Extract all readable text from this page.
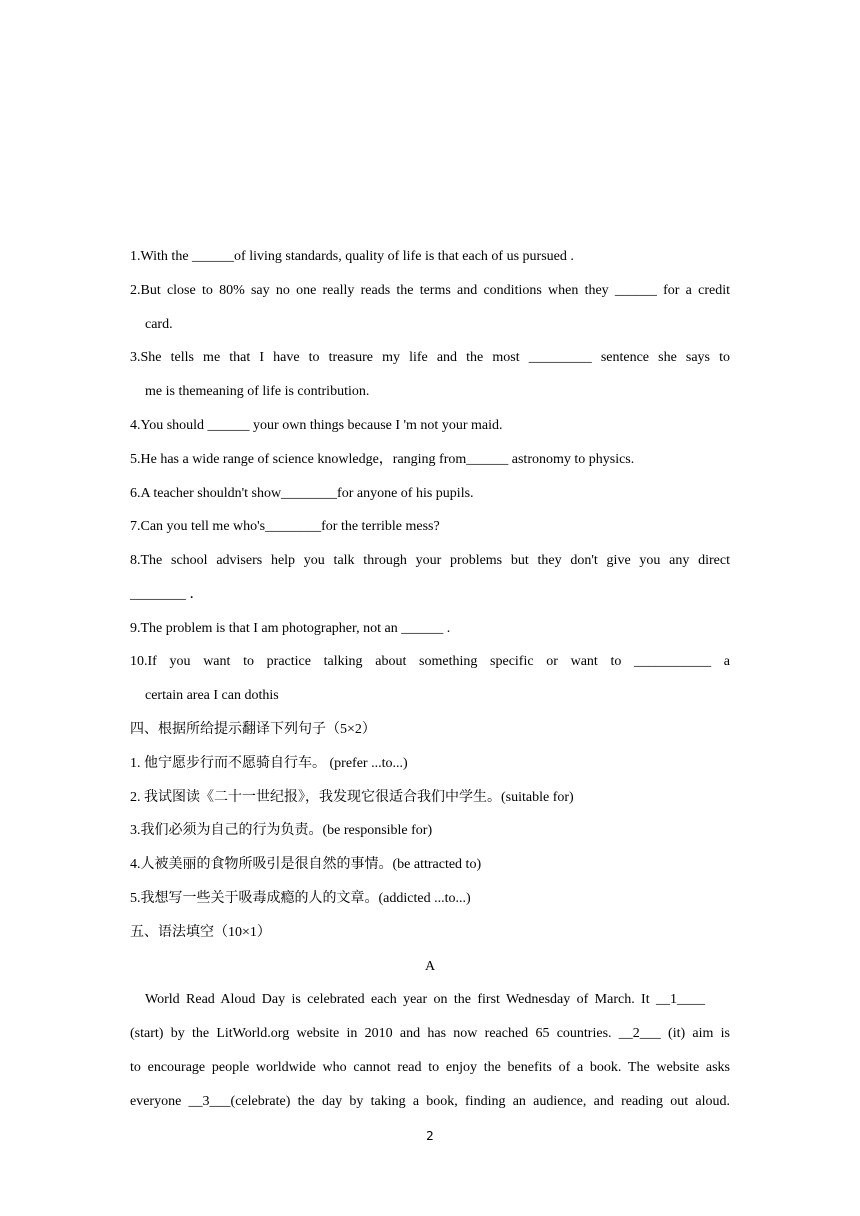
1.With the ______of living standards, quality of life is that each of us pursued .
2.But close to 80% say no one really reads the terms and conditions when they ______ for a credit
card.
3.She tells me that I have to treasure my life and the most _________ sentence she says to
me is themeaning of life is contribution.
4.You should ______ your own things because I 'm not your maid.
5.He has a wide range of science knowledge，ranging from______ astronomy to physics.
6.A teacher shouldn't show________for anyone of his pupils.
7.Can you tell me who's________for the terrible mess?
8.The school advisers help you talk through your problems but they don't give you any direct
________ ．
9.The problem is that I am photographer, not an ______ .
10.If you want to practice talking about something specific or want to ___________ a
certain area I can dothis
四、根据所给提示翻译下列句子（5×2）
1. 他宁愿步行而不愿骑自行车。 (prefer ...to...)
2. 我试图读《二十一世纪报》，我发现它很适合我们中学生。(suitable for)
3.我们必须为自己的行为负责。(be responsible for)
4.人被美丽的食物所吸引是很自然的事情。(be attracted to)
5.我想写一些关于吸毒成瘾的人的文章。(addicted ...to...)
五、语法填空（10×1）
A
World Read Aloud Day is celebrated each year on the first Wednesday of March. It __1____
(start) by the LitWorld.org website in 2010 and has now reached 65 countries. __2___ (it) aim is
to encourage people worldwide who cannot read to enjoy the benefits of a book. The website asks
everyone __3___(celebrate) the day by taking a book, finding an audience, and reading out aloud.
2
